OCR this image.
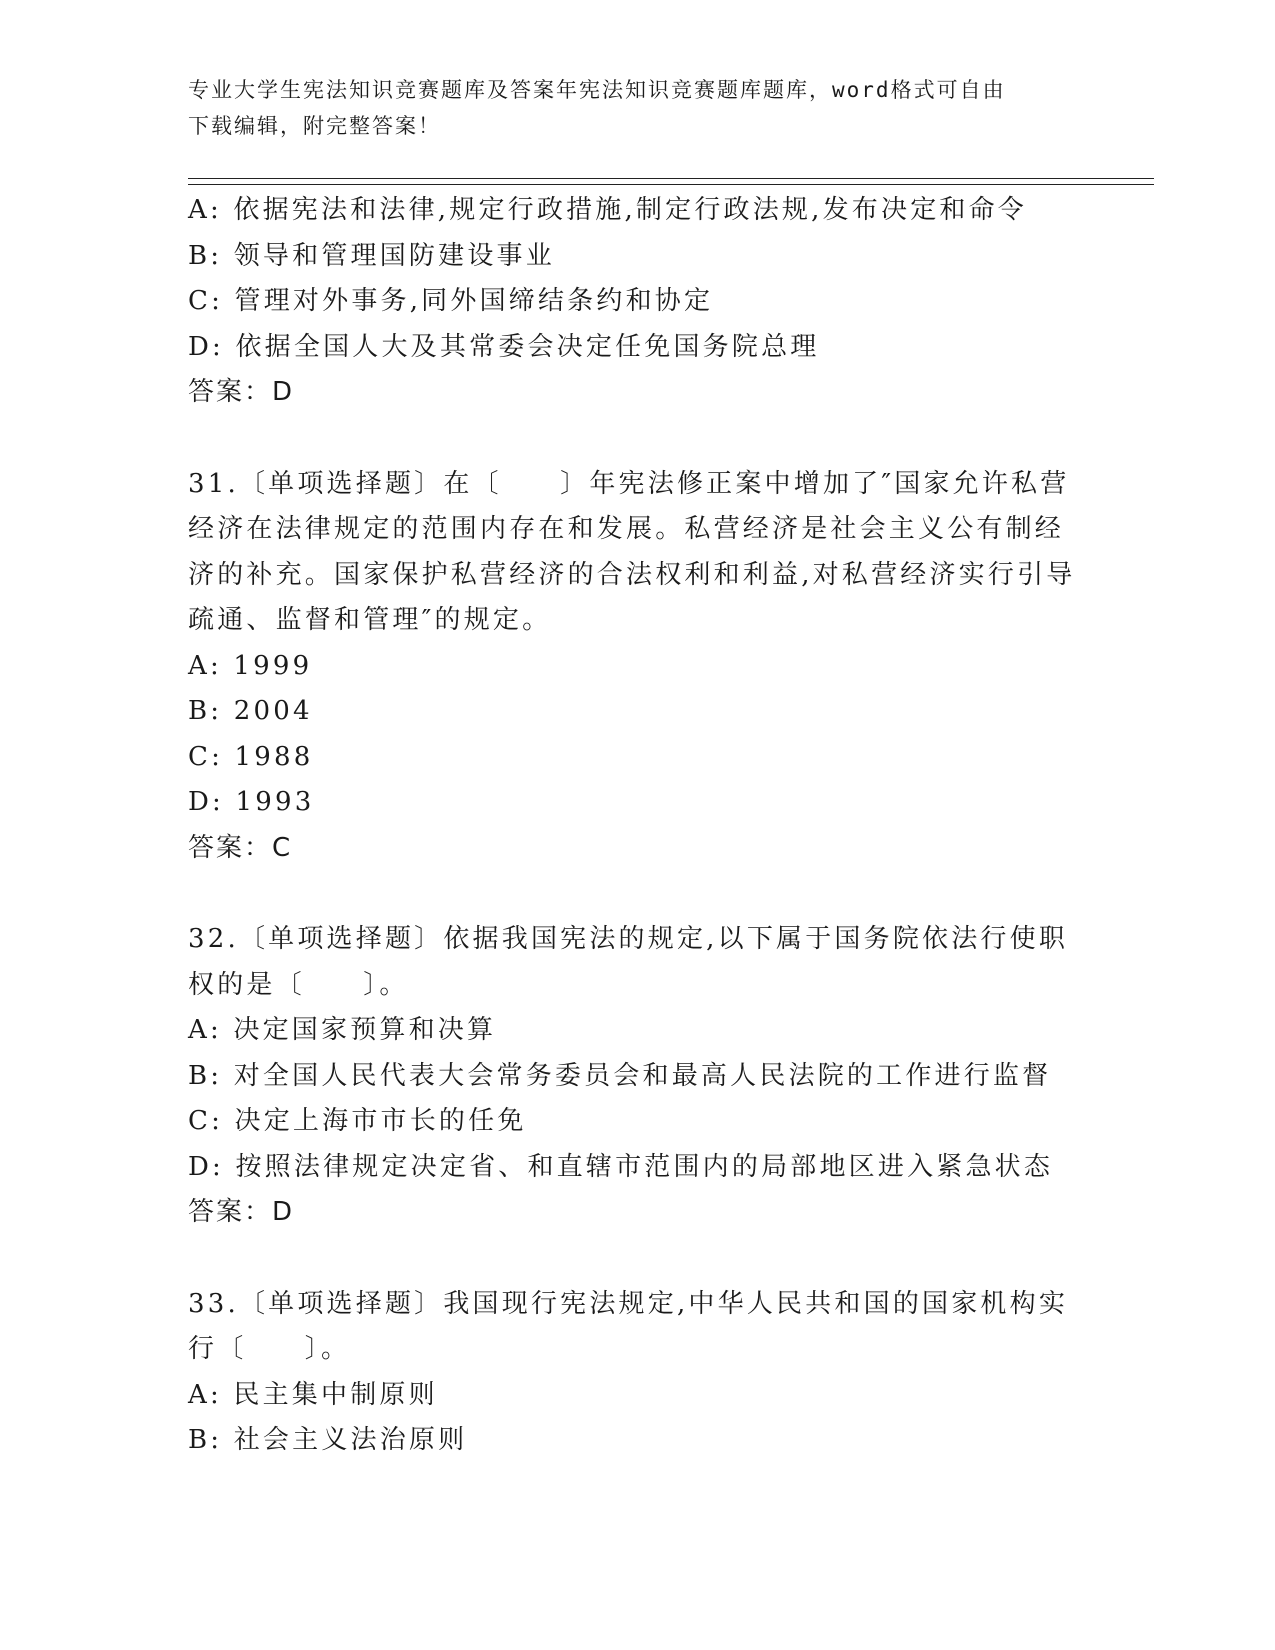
专业大学生宪法知识竞赛题库及答案年宪法知识竞赛题库题库，word格式可自由
下载编辑，附完整答案！
A: 依据宪法和法律,规定行政措施,制定行政法规,发布决定和命令
B: 领导和管理国防建设事业
C: 管理对外事务,同外国缔结条约和协定
D: 依据全国人大及其常委会决定任免国务院总理
答案：D
31.〔单项选择题〕在〔　　〕年宪法修正案中增加了″国家允许私营
经济在法律规定的范围内存在和发展。私营经济是社会主义公有制经
济的补充。国家保护私营经济的合法权利和利益,对私营经济实行引导
疏通、监督和管理″的规定。
A: 1999
B: 2004
C: 1988
D: 1993
答案：C
32.〔单项选择题〕依据我国宪法的规定,以下属于国务院依法行使职
权的是〔　　〕。
A: 决定国家预算和决算
B: 对全国人民代表大会常务委员会和最高人民法院的工作进行监督
C: 决定上海市市长的任免
D: 按照法律规定决定省、和直辖市范围内的局部地区进入紧急状态
答案：D
33.〔单项选择题〕我国现行宪法规定,中华人民共和国的国家机构实
行〔　　〕。
A: 民主集中制原则
B: 社会主义法治原则
